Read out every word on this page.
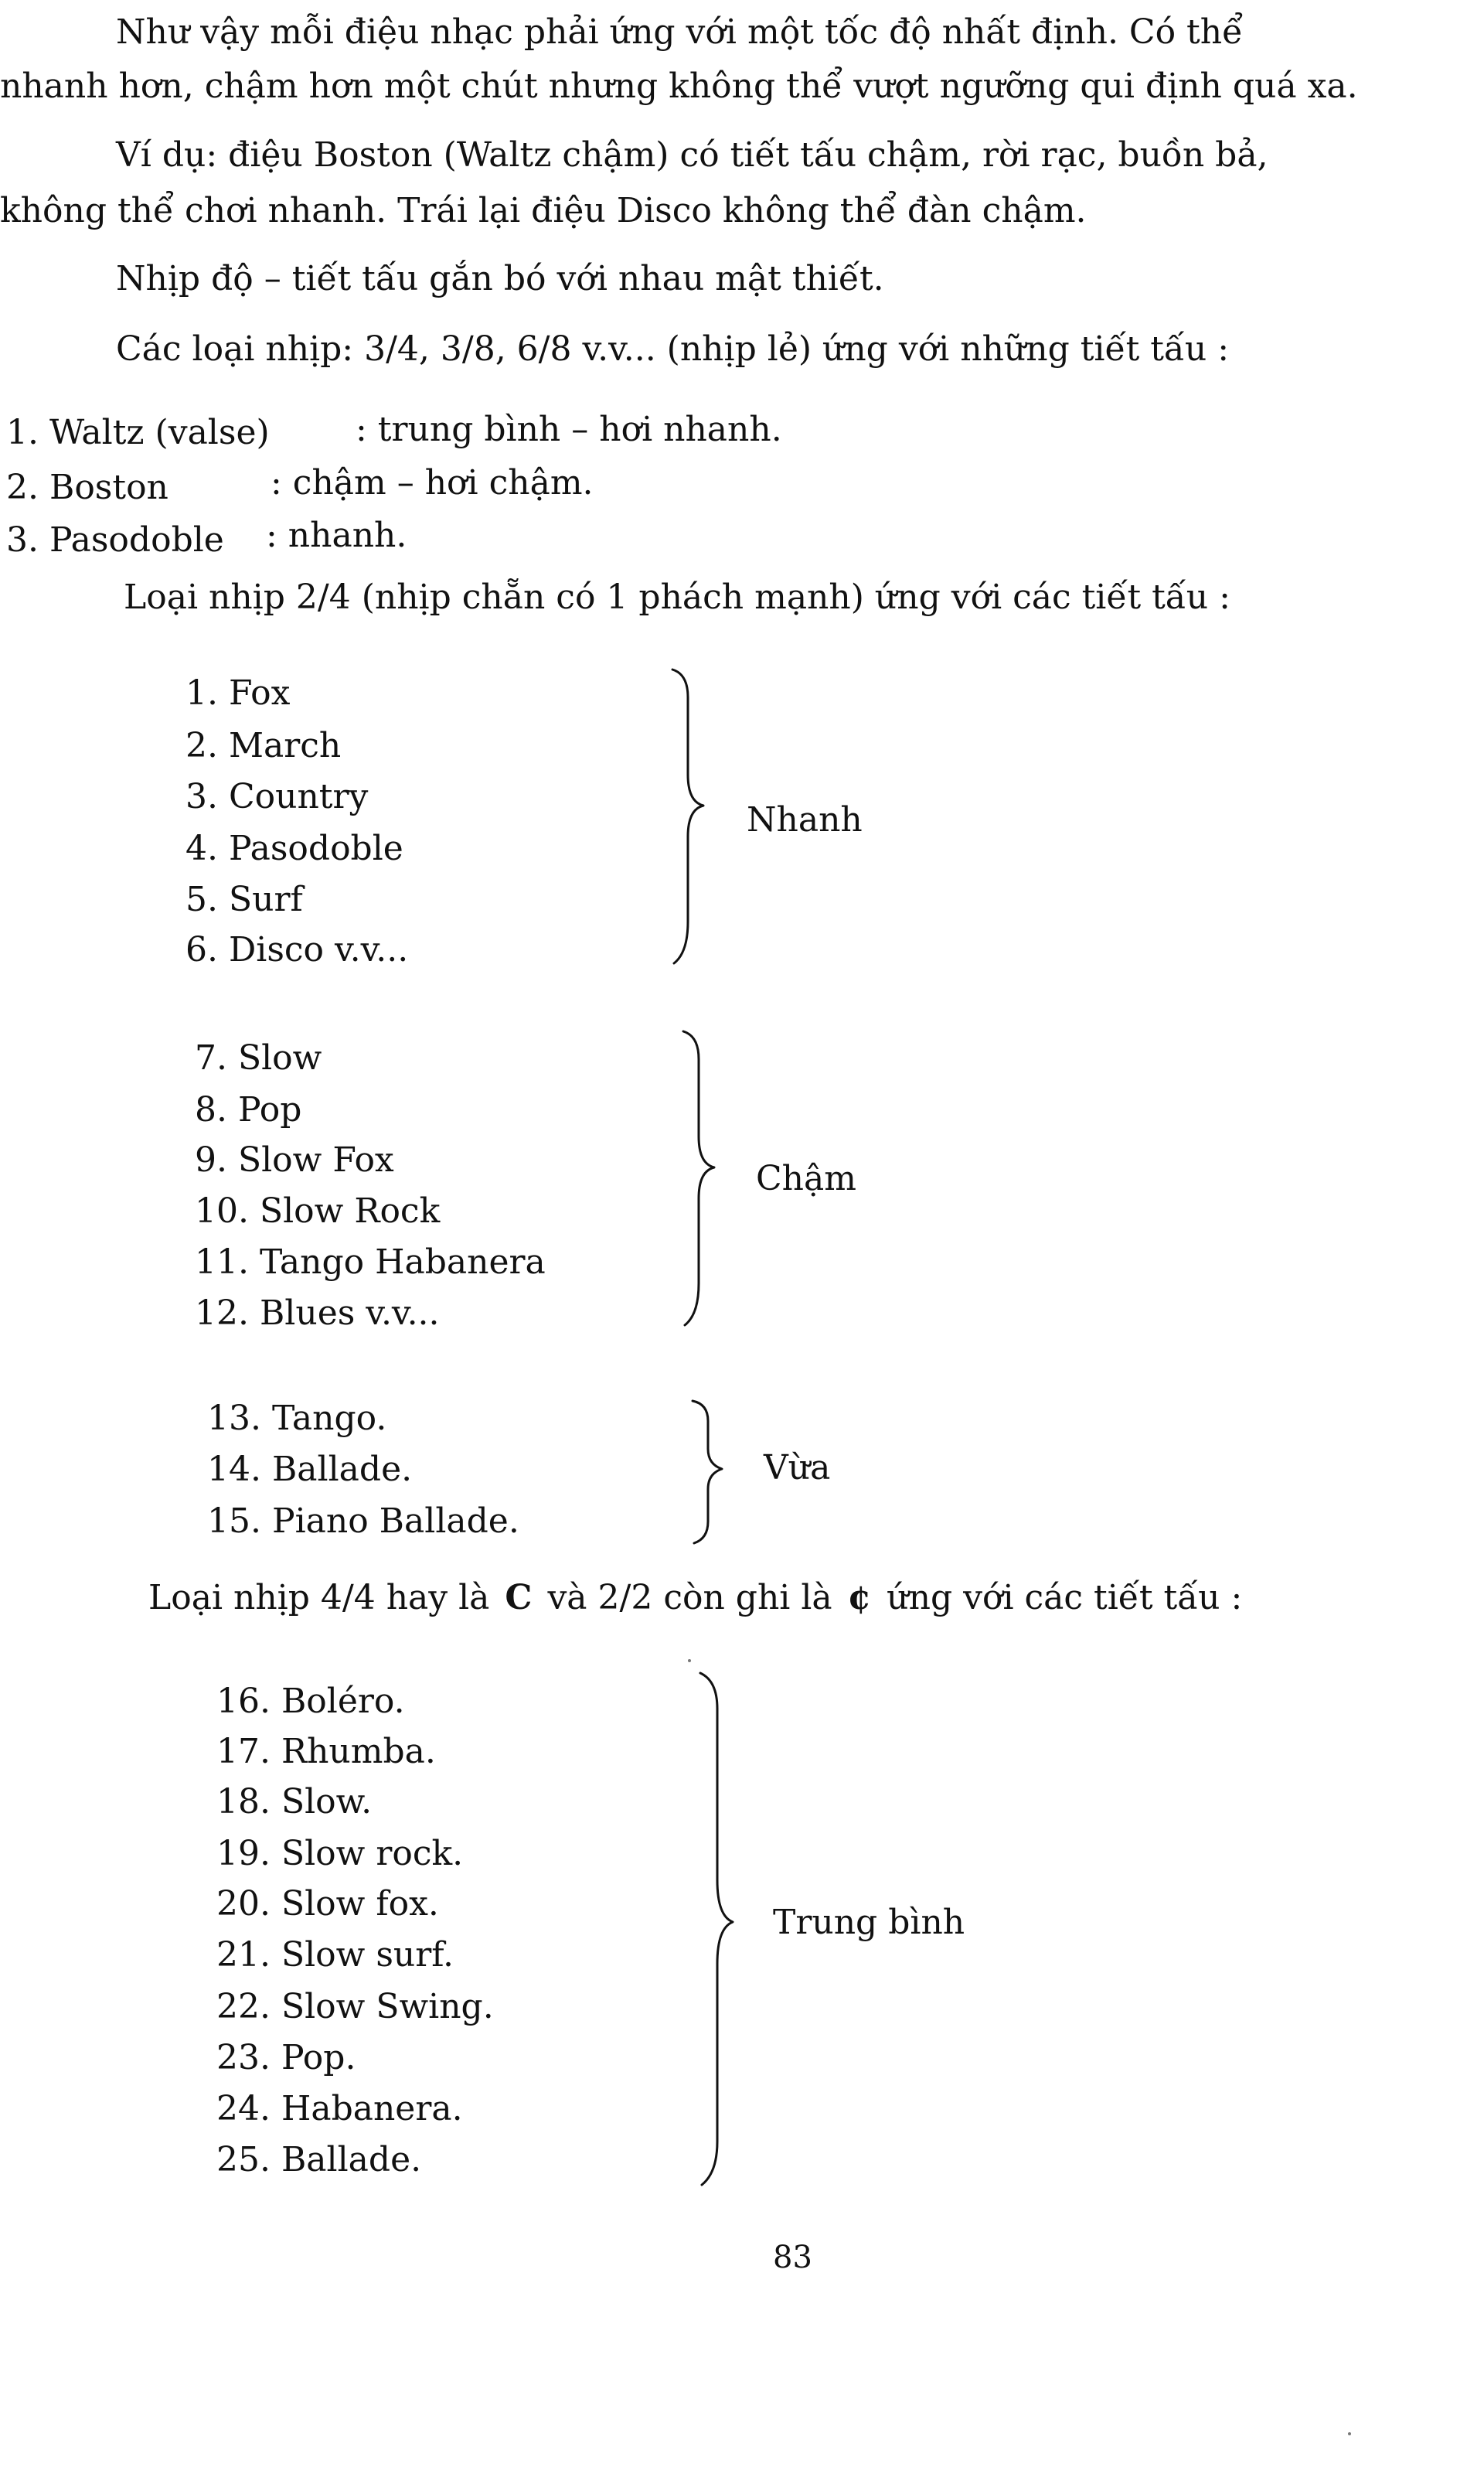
Như vậy mỗi điệu nhạc phải ứng với một tốc độ nhất định. Có thể
nhanh hơn, chậm hơn một chút nhưng không thể vượt ngưỡng qui định quá xa.
Ví dụ: điệu Boston (Waltz chậm) có tiết tấu chậm, rời rạc, buồn bả,
không thể chơi nhanh. Trái lại điệu Disco không thể đàn chậm.
Nhịp độ – tiết tấu gắn bó với nhau mật thiết.
Các loại nhịp: 3/4, 3/8, 6/8 v.v... (nhịp lẻ) ứng với những tiết tấu :
1. Waltz (valse)	: trung bình – hơi nhanh.
2. Boston	: chậm – hơi chậm.
3. Pasodoble : nhanh.
Loại nhịp 2/4 (nhịp chẵn có 1 phách mạnh) ứng với các tiết tấu :
1. Fox
2. March
3. Country
4. Pasodoble
5. Surf
6. Disco v.v...
Nhanh
7. Slow
8. Pop
9. Slow Fox
10. Slow Rock
11. Tango Habanera
12. Blues v.v...
Chậm
13. Tango.
14. Ballade.
15. Piano Ballade.
Vừa
Loại nhịp 4/4 hay là C và 2/2 còn ghi là ¢ ứng với các tiết tấu :
16. Boléro.
17. Rhumba.
18. Slow.
19. Slow rock.
20. Slow fox.
21. Slow surf.
22. Slow Swing.
23. Pop.
24. Habanera.
25. Ballade.
Trung bình
83
